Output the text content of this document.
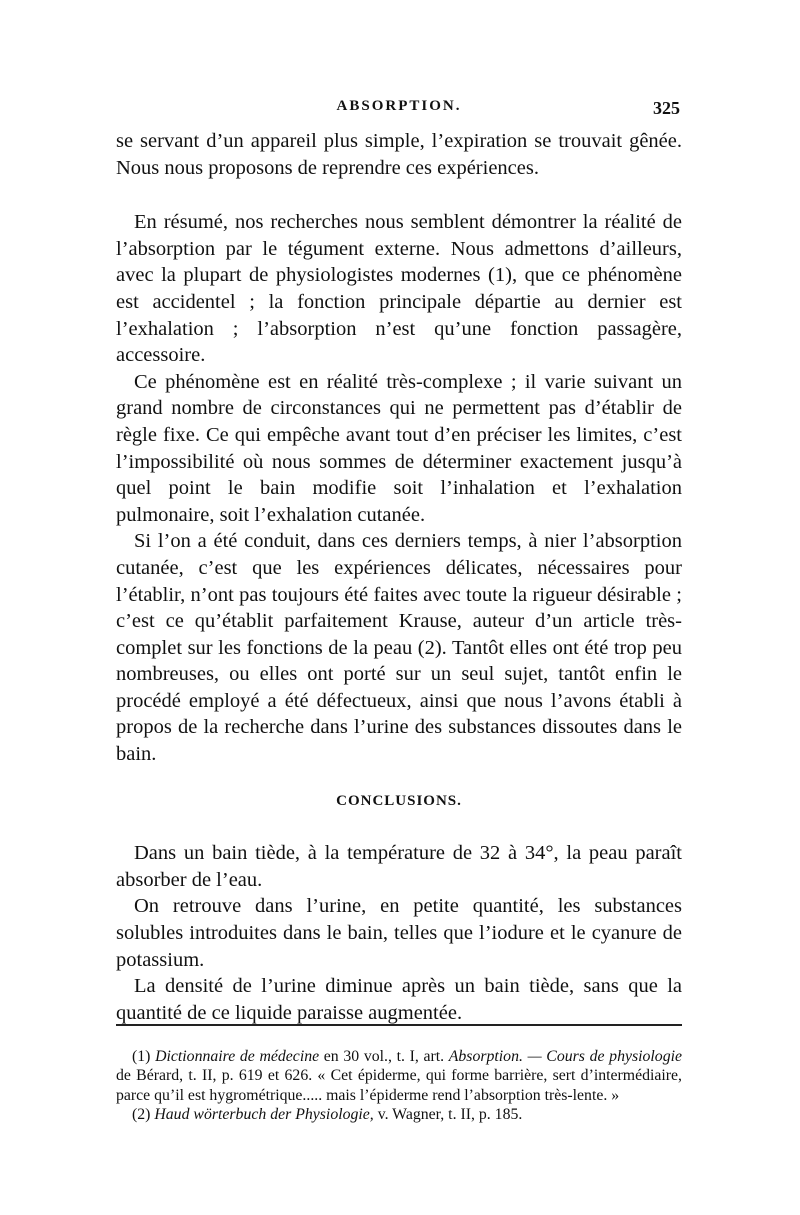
ABSORPTION.	325

se servant d’un appareil plus simple, l’expiration se trouvait gênée. Nous nous proposons de reprendre ces expériences.

En résumé, nos recherches nous semblent démontrer la réalité de l’absorption par le tégument externe. Nous admettons d’ailleurs, avec la plupart de physiologistes modernes (1), que ce phénomène est accidentel ; la fonction principale départie au dernier est l’exhalation ; l’absorption n’est qu’une fonction passagère, accessoire.

Ce phénomène est en réalité très-complexe ; il varie suivant un grand nombre de circonstances qui ne permettent pas d’établir de règle fixe. Ce qui empêche avant tout d’en préciser les limites, c’est l’impossibilité où nous sommes de déterminer exactement jusqu’à quel point le bain modifie soit l’inhalation et l’exhalation pulmonaire, soit l’exhalation cutanée.

Si l’on a été conduit, dans ces derniers temps, à nier l’absorption cutanée, c’est que les expériences délicates, nécessaires pour l’établir, n’ont pas toujours été faites avec toute la rigueur désirable ; c’est ce qu’établit parfaitement Krause, auteur d’un article très-complet sur les fonctions de la peau (2). Tantôt elles ont été trop peu nombreuses, ou elles ont porté sur un seul sujet, tantôt enfin le procédé employé a été défectueux, ainsi que nous l’avons établi à propos de la recherche dans l’urine des substances dissoutes dans le bain.

CONCLUSIONS.

Dans un bain tiède, à la température de 32 à 34°, la peau paraît absorber de l’eau.

On retrouve dans l’urine, en petite quantité, les substances solubles introduites dans le bain, telles que l’iodure et le cyanure de potassium.

La densité de l’urine diminue après un bain tiède, sans que la quantité de ce liquide paraisse augmentée.

(1) Dictionnaire de médecine en 30 vol., t. I, art. Absorption. — Cours de physiologie de Bérard, t. II, p. 619 et 626. « Cet épiderme, qui forme barrière, sert d’intermédiaire, parce qu’il est hygrométrique..... mais l’épiderme rend l’absorption très-lente. »

(2) Haud wörterbuch der Physiologie, v. Wagner, t. II, p. 185.
